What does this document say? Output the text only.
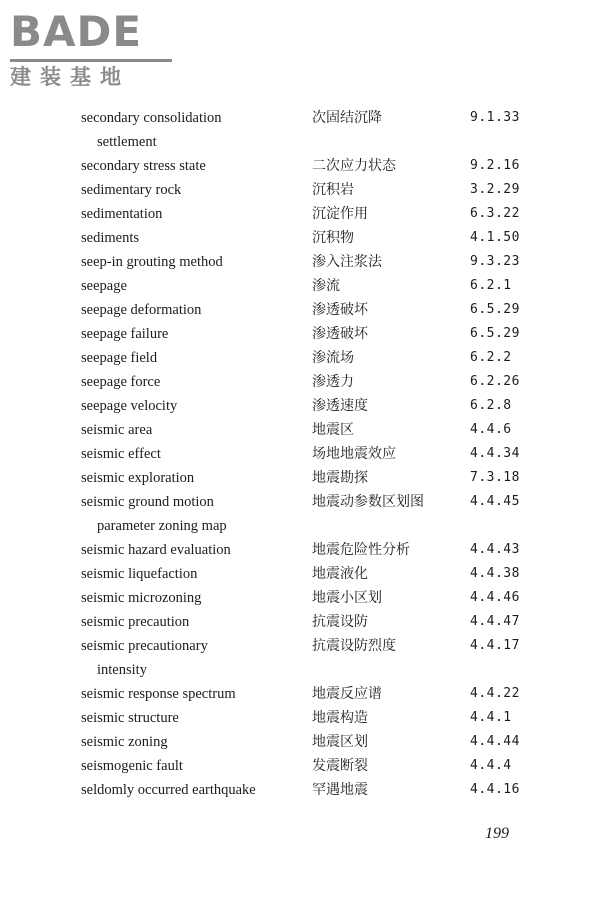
BADE
建装基地
secondary consolidation	次固结沉降	9.1.33
settlement
secondary stress state	二次应力状态	9.2.16
sedimentary rock	沉积岩	3.2.29
sedimentation	沉淀作用	6.3.22
sediments	沉积物	4.1.50
seep-in grouting method	渗入注浆法	9.3.23
seepage	渗流	6.2.1
seepage deformation	渗透破坏	6.5.29
seepage failure	渗透破坏	6.5.29
seepage field	渗流场	6.2.2
seepage force	渗透力	6.2.26
seepage velocity	渗透速度	6.2.8
seismic area	地震区	4.4.6
seismic effect	场地地震效应	4.4.34
seismic exploration	地震勘探	7.3.18
seismic ground motion	地震动参数区划图	4.4.45
parameter zoning map
seismic hazard evaluation	地震危险性分析	4.4.43
seismic liquefaction	地震液化	4.4.38
seismic microzoning	地震小区划	4.4.46
seismic precaution	抗震设防	4.4.47
seismic precautionary	抗震设防烈度	4.4.17
intensity
seismic response spectrum	地震反应谱	4.4.22
seismic structure	地震构造	4.4.1
seismic zoning	地震区划	4.4.44
seismogenic fault	发震断裂	4.4.4
seldomly occurred earthquake	罕遇地震	4.4.16
199
